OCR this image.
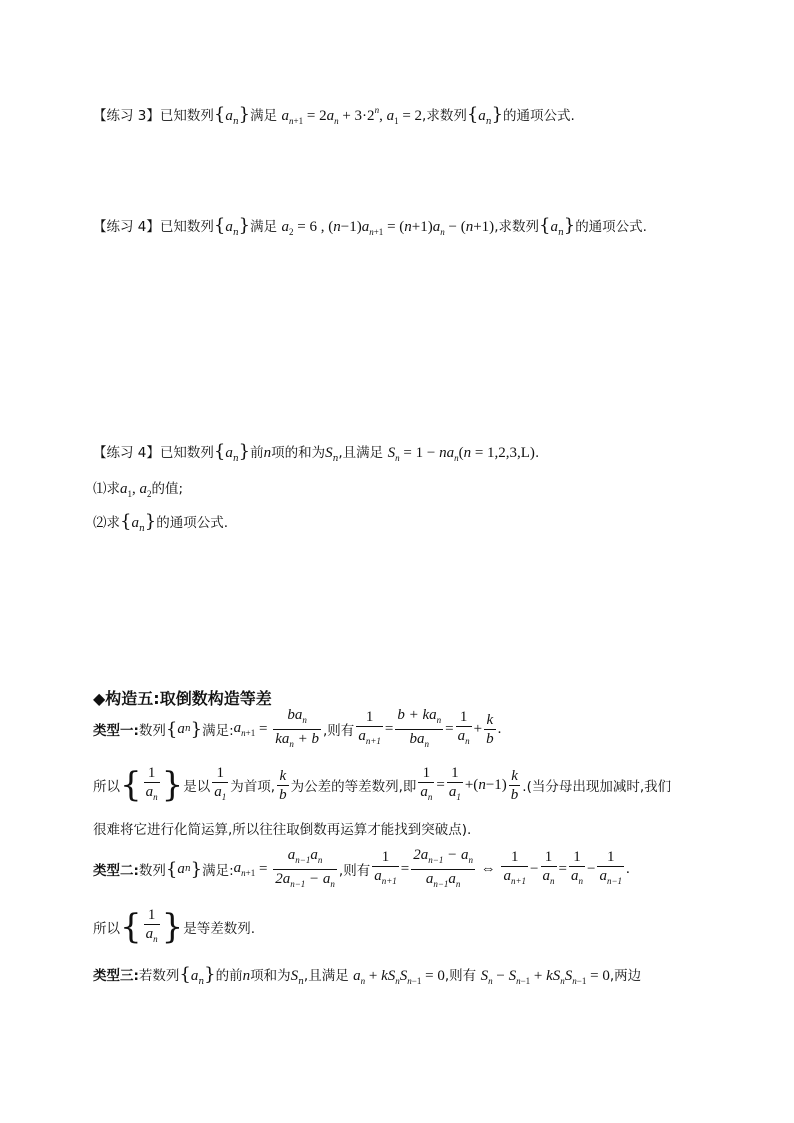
【练习 3】已知数列$\{a_n\}$满足 $a_{n+1} = 2a_n + 3\cdot 2^n$, $a_1 = 2$,求数列$\{a_n\}$的通项公式.
【练习 4】已知数列$\{a_n\}$满足 $a_2 = 6$ , $(n-1)a_{n+1} = (n+1)a_n - (n+1)$,求数列$\{a_n\}$的通项公式.
【练习 4】已知数列$\{a_n\}$前n项的和为$S_n$,且满足 $S_n = 1 - na_n(n = 1,2,3,L)$.
⑴求$a_1$, $a_2$的值;
⑵求$\{a_n\}$的通项公式.
◆构造五:取倒数构造等差
类型一: 数列 { a n } 满足: $a_{n+1} = \frac{ba_n}{ka_n + b}$ ,则有 $\frac{1}{a_{n+1}} = \frac{b + ka_n}{ba_n} = \frac{1}{a_n} + \frac{k}{b}$ .
所以 { $\frac{1}{a_n}$ } 是以 $\frac{1}{a_1}$ 为首项, $\frac{k}{b}$ 为公差的等差数列,即 $\frac{1}{a_n} = \frac{1}{a_1}$ +( $n -1) \frac{k}{b}$ .(当分母出现加减时,我们
很难将它进行化简运算,所以往往取倒数再运算才能找到突破点).
类型二: 数列 { a n } 满足: $a_{n+1} = \frac{a_{n-1}a_n}{2a_{n-1} - a_n}$ ,则有 $\frac{1}{a_{n+1}} = \frac{2a_{n-1} - a_n}{a_{n-1}a_n}$ ⇔ $\frac{1}{a_{n+1}} - \frac{1}{a_n} = \frac{1}{a_n} - \frac{1}{a_{n-1}}$ .
所以 { $\frac{1}{a_n}$ } 是等差数列.
类型三:若数列$\{a_n\}$的前n项和为$S_n$,且满足 $a_n + kS_nS_{n-1} = 0$,则有 $S_n - S_{n-1} + kS_nS_{n-1} = 0$,两边
